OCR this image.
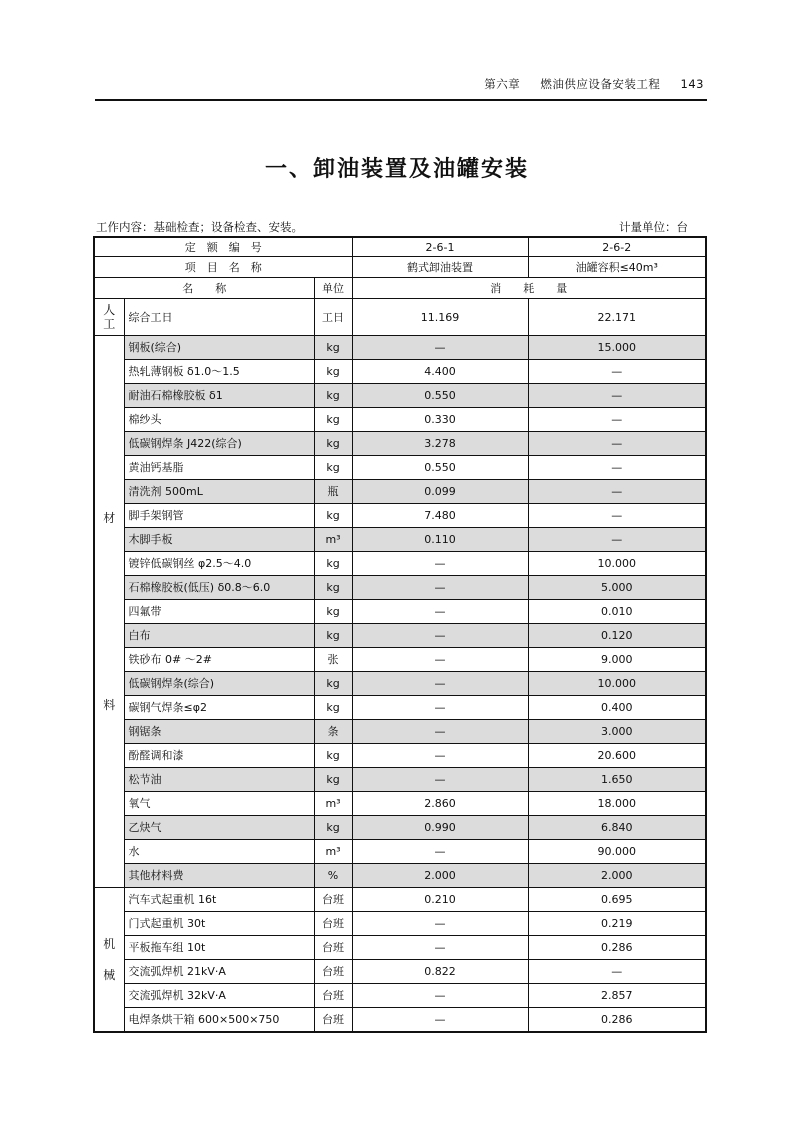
第六章 燃油供应设备安装工程 143
一、卸油装置及油罐安装
工作内容：基础检查；设备检查、安装。	计量单位：台
定　额　编　号			2-6-1	2-6-2
项　目　名　称			鹤式卸油装置	油罐容积≤40m³
名　　称		单位	消　　耗　　量	
人工	综合工日	工日	11.169	22.171

材
料	钢板(综合)	kg	—	15.000
	热轧薄钢板 δ1.0～1.5	kg	4.400	—
	耐油石棉橡胶板 δ1	kg	0.550	—
	棉纱头	kg	0.330	—
	低碳钢焊条 J422(综合)	kg	3.278	—
	黄油钙基脂	kg	0.550	—
	清洗剂 500mL	瓶	0.099	—
	脚手架钢管	kg	7.480	—
	木脚手板	m³	0.110	—
	镀锌低碳钢丝 φ2.5～4.0	kg	—	10.000
	石棉橡胶板(低压) δ0.8～6.0	kg	—	5.000
	四氟带	kg	—	0.010
	白布	kg	—	0.120
	铁砂布 0# ～2#	张	—	9.000
	低碳钢焊条(综合)	kg	—	10.000
	碳钢气焊条≤φ2	kg	—	0.400
	钢锯条	条	—	3.000
	酚醛调和漆	kg	—	20.600
	松节油	kg	—	1.650
	氧气	m³	2.860	18.000
	乙炔气	kg	0.990	6.840
	水	m³	—	90.000
	其他材料费	%	2.000	2.000

机
械	汽车式起重机 16t	台班	0.210	0.695
	门式起重机 30t	台班	—	0.219
	平板拖车组 10t	台班	—	0.286
	交流弧焊机 21kV·A	台班	0.822	—
	交流弧焊机 32kV·A	台班	—	2.857
	电焊条烘干箱 600×500×750	台班	—	0.286
